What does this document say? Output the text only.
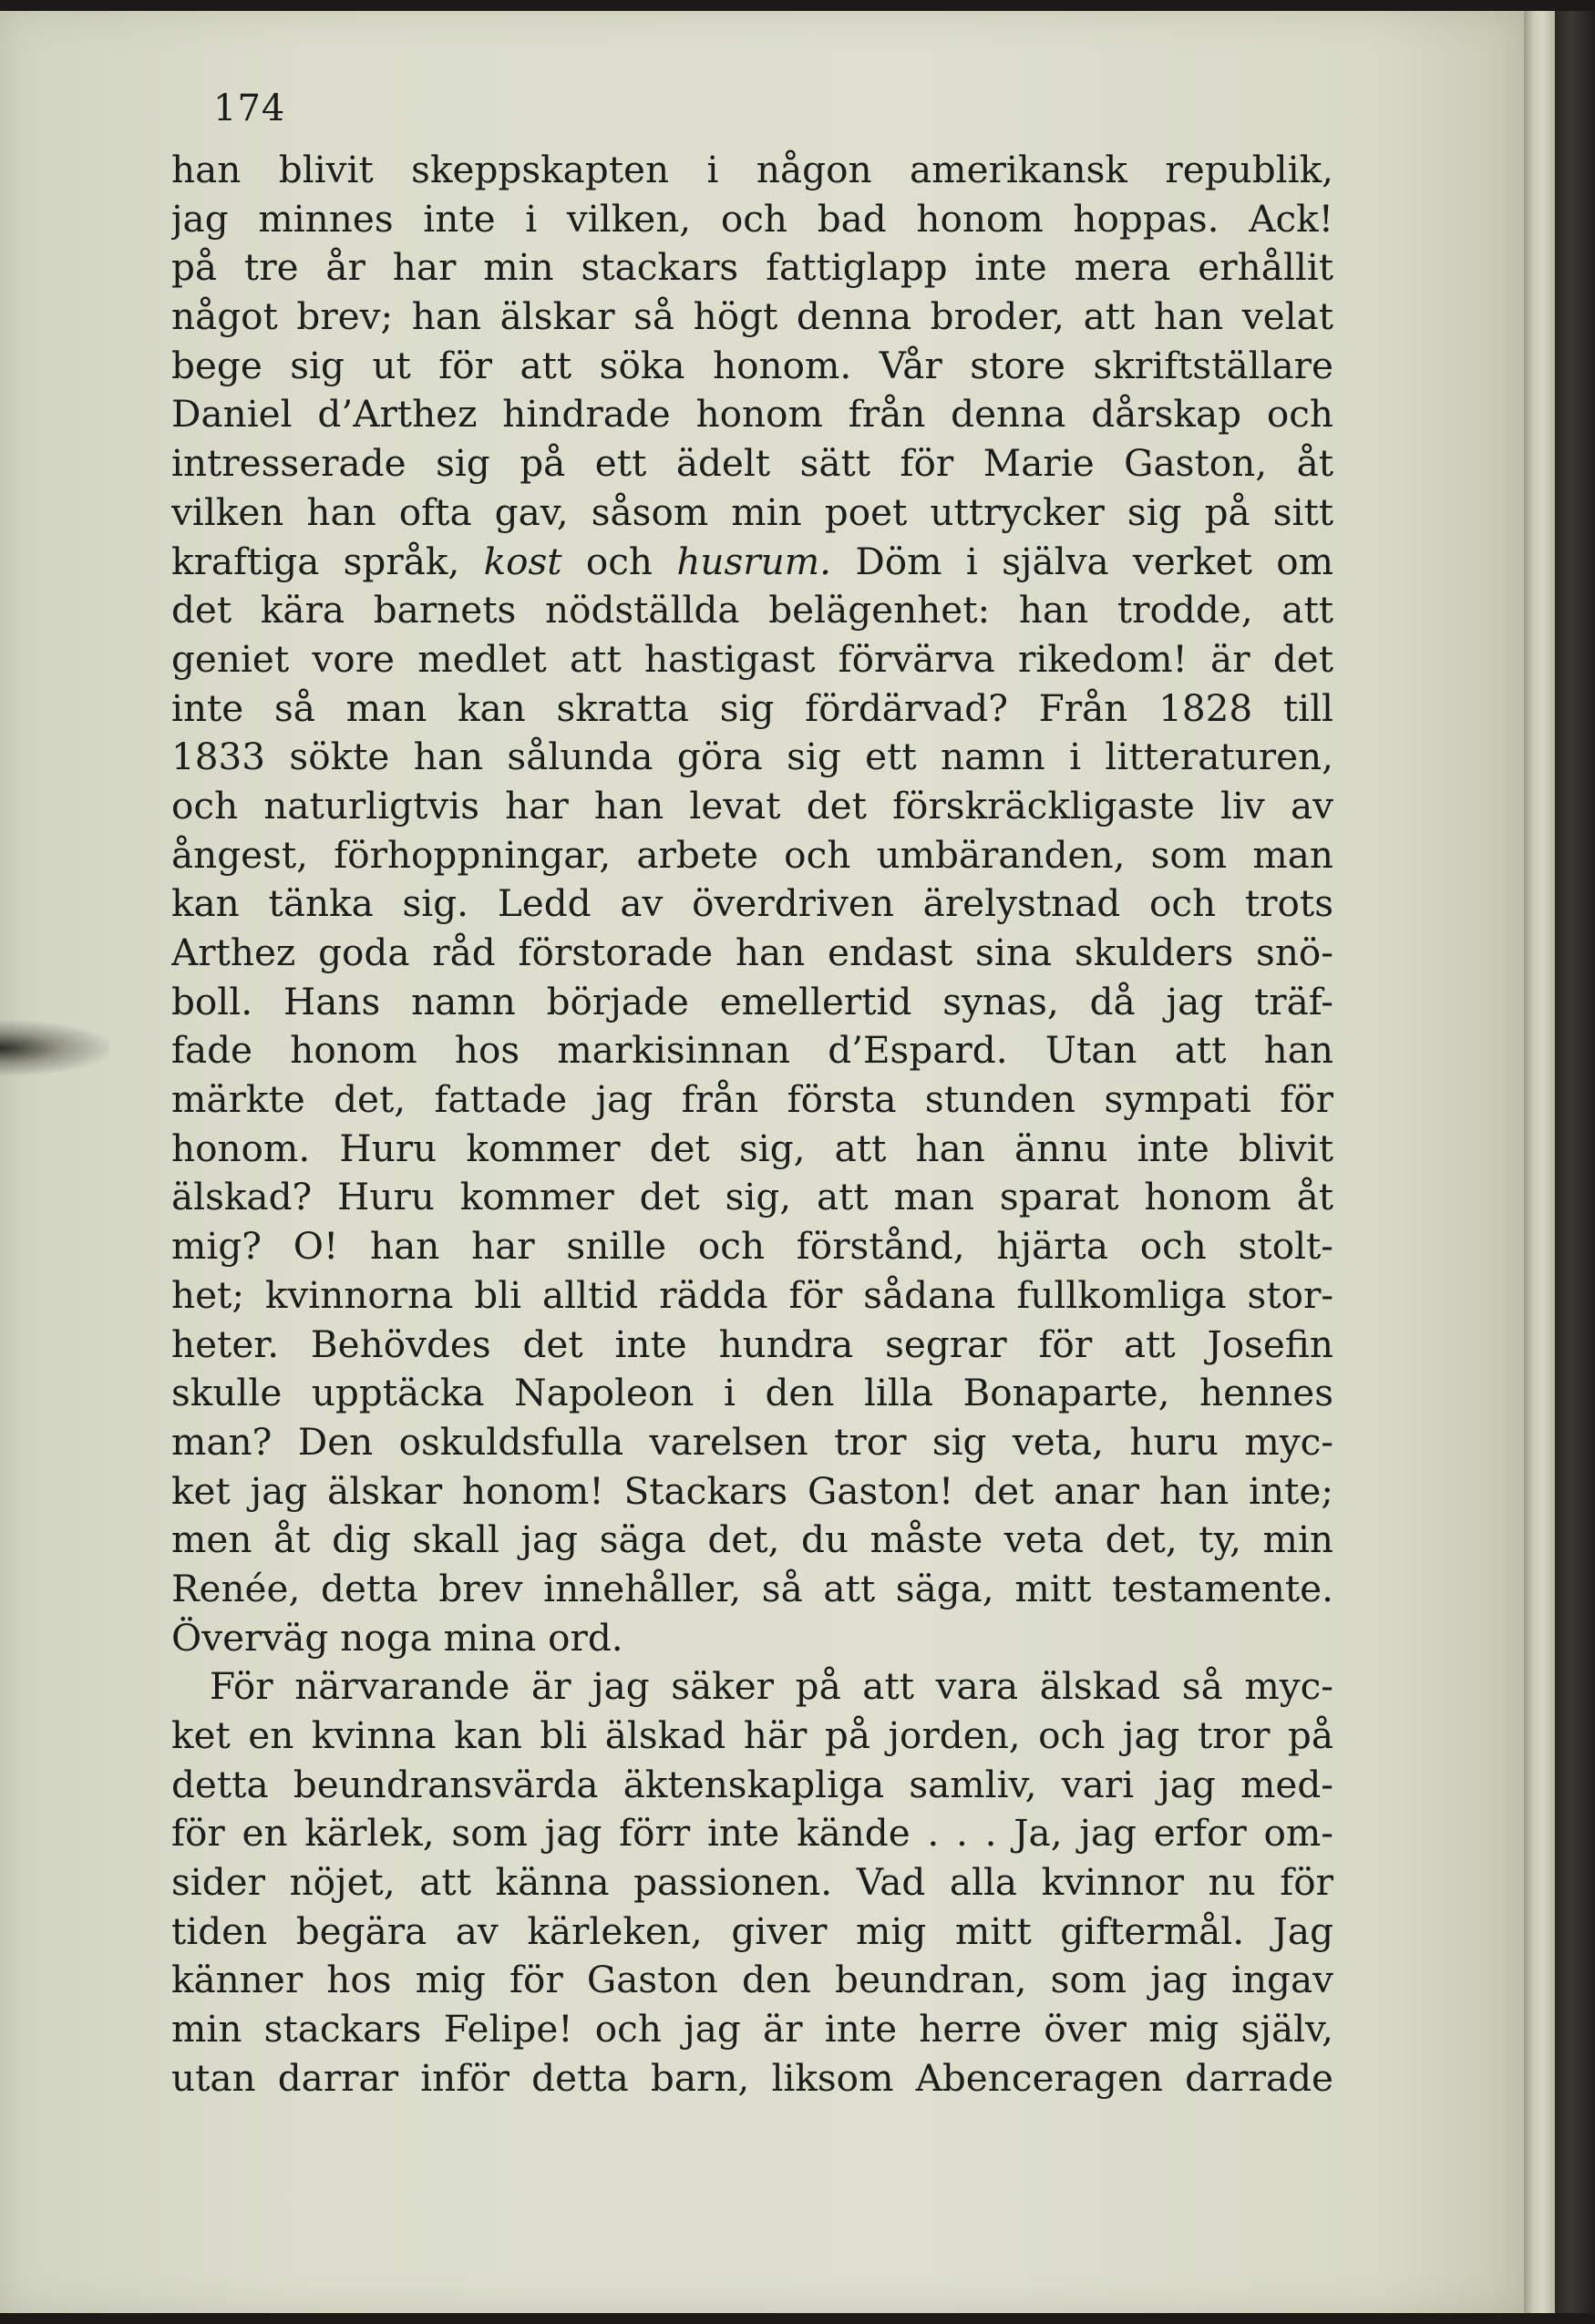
174
han blivit skeppskapten i någon amerikansk republik,
jag minnes inte i vilken, och bad honom hoppas. Ack!
på tre år har min stackars fattiglapp inte mera erhållit
något brev; han älskar så högt denna broder, att han velat
bege sig ut för att söka honom. Vår store skriftställare
Daniel d’Arthez hindrade honom från denna dårskap och
intresserade sig på ett ädelt sätt för Marie Gaston, åt
vilken han ofta gav, såsom min poet uttrycker sig på sitt
kraftiga språk, kost och husrum. Döm i själva verket om
det kära barnets nödställda belägenhet: han trodde, att
geniet vore medlet att hastigast förvärva rikedom! är det
inte så man kan skratta sig fördärvad? Från 1828 till
1833 sökte han sålunda göra sig ett namn i litteraturen,
och naturligtvis har han levat det förskräckligaste liv av
ångest, förhoppningar, arbete och umbäranden, som man
kan tänka sig. Ledd av överdriven ärelystnad och trots
Arthez goda råd förstorade han endast sina skulders snö-
boll. Hans namn började emellertid synas, då jag träf-
fade honom hos markisinnan d’Espard. Utan att han
märkte det, fattade jag från första stunden sympati för
honom. Huru kommer det sig, att han ännu inte blivit
älskad? Huru kommer det sig, att man sparat honom åt
mig? O! han har snille och förstånd, hjärta och stolt-
het; kvinnorna bli alltid rädda för sådana fullkomliga stor-
heter. Behövdes det inte hundra segrar för att Josefin
skulle upptäcka Napoleon i den lilla Bonaparte, hennes
man? Den oskuldsfulla varelsen tror sig veta, huru myc-
ket jag älskar honom! Stackars Gaston! det anar han inte;
men åt dig skall jag säga det, du måste veta det, ty, min
Renée, detta brev innehåller, så att säga, mitt testamente.
Överväg noga mina ord.
För närvarande är jag säker på att vara älskad så myc-
ket en kvinna kan bli älskad här på jorden, och jag tror på
detta beundransvärda äktenskapliga samliv, vari jag med-
för en kärlek, som jag förr inte kände . . . Ja, jag erfor om-
sider nöjet, att känna passionen. Vad alla kvinnor nu för
tiden begära av kärleken, giver mig mitt giftermål. Jag
känner hos mig för Gaston den beundran, som jag ingav
min stackars Felipe! och jag är inte herre över mig själv,
utan darrar inför detta barn, liksom Abenceragen darrade
